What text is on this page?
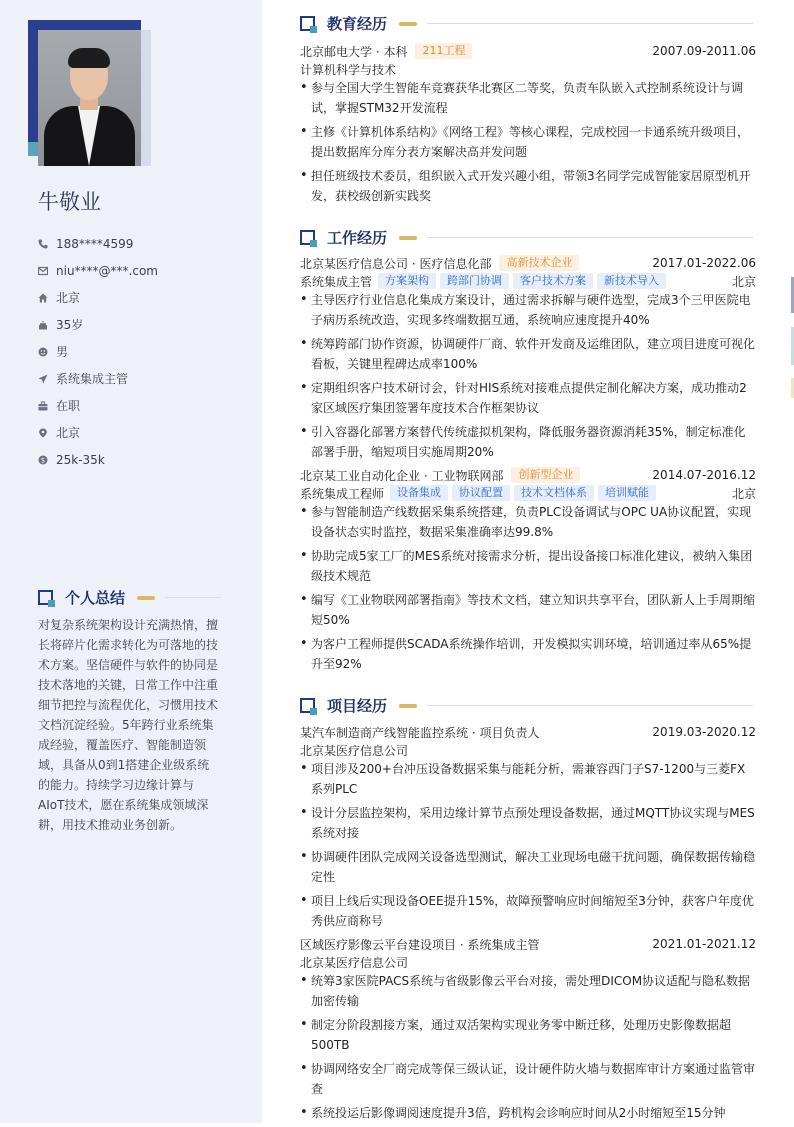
牛敬业
188****4599
niu****@***.com
北京
35岁
男
系统集成主管
在职
北京
$ 25k-35k
个人总结
对复杂系统架构设计充满热情，擅长将碎片化需求转化为可落地的技术方案。坚信硬件与软件的协同是技术落地的关键，日常工作中注重细节把控与流程优化，习惯用技术文档沉淀经验。5年跨行业系统集成经验，覆盖医疗、智能制造领域，具备从0到1搭建企业级系统的能力。持续学习边缘计算与AIoT技术，愿在系统集成领域深耕，用技术推动业务创新。
教育经历
北京邮电大学 · 本科	211工程	2007.09-2011.06
计算机科学与技术
• 参与全国大学生智能车竞赛获华北赛区二等奖，负责车队嵌入式控制系统设计与调试，掌握STM32开发流程
• 主修《计算机体系结构》《网络工程》等核心课程，完成校园一卡通系统升级项目，提出数据库分库分表方案解决高并发问题
• 担任班级技术委员，组织嵌入式开发兴趣小组，带领3名同学完成智能家居原型机开发，获校级创新实践奖
工作经历
北京某医疗信息公司 · 医疗信息化部	高新技术企业	2017.01-2022.06
系统集成主管	方案架构	跨部门协调	客户技术方案	新技术导入	北京
• 主导医疗行业信息化集成方案设计，通过需求拆解与硬件选型，完成3个三甲医院电子病历系统改造，实现多终端数据互通，系统响应速度提升40%
• 统筹跨部门协作资源，协调硬件厂商、软件开发商及运维团队，建立项目进度可视化看板，关键里程碑达成率100%
• 定期组织客户技术研讨会，针对HIS系统对接难点提供定制化解决方案，成功推动2家区域医疗集团签署年度技术合作框架协议
• 引入容器化部署方案替代传统虚拟机架构，降低服务器资源消耗35%，制定标准化部署手册，缩短项目实施周期20%
北京某工业自动化企业 · 工业物联网部	创新型企业	2014.07-2016.12
系统集成工程师	设备集成	协议配置	技术文档体系	培训赋能	北京
• 参与智能制造产线数据采集系统搭建，负责PLC设备调试与OPC UA协议配置，实现设备状态实时监控，数据采集准确率达99.8%
• 协助完成5家工厂的MES系统对接需求分析，提出设备接口标准化建议，被纳入集团级技术规范
• 编写《工业物联网部署指南》等技术文档，建立知识共享平台，团队新人上手周期缩短50%
• 为客户工程师提供SCADA系统操作培训，开发模拟实训环境，培训通过率从65%提升至92%
项目经历
某汽车制造商产线智能监控系统 · 项目负责人	2019.03-2020.12
北京某医疗信息公司
• 项目涉及200+台冲压设备数据采集与能耗分析，需兼容西门子S7-1200与三菱FX系列PLC
• 设计分层监控架构，采用边缘计算节点预处理设备数据，通过MQTT协议实现与MES系统对接
• 协调硬件团队完成网关设备选型测试，解决工业现场电磁干扰问题，确保数据传输稳定性
• 项目上线后实现设备OEE提升15%，故障预警响应时间缩短至3分钟，获客户年度优秀供应商称号
区域医疗影像云平台建设项目 · 系统集成主管	2021.01-2021.12
北京某医疗信息公司
• 统筹3家医院PACS系统与省级影像云平台对接，需处理DICOM协议适配与隐私数据加密传输
• 制定分阶段割接方案，通过双活架构实现业务零中断迁移，处理历史影像数据超500TB
• 协调网络安全厂商完成等保三级认证，设计硬件防火墙与数据库审计方案通过监管审查
• 系统投运后影像调阅速度提升3倍，跨机构会诊响应时间从2小时缩短至15分钟
